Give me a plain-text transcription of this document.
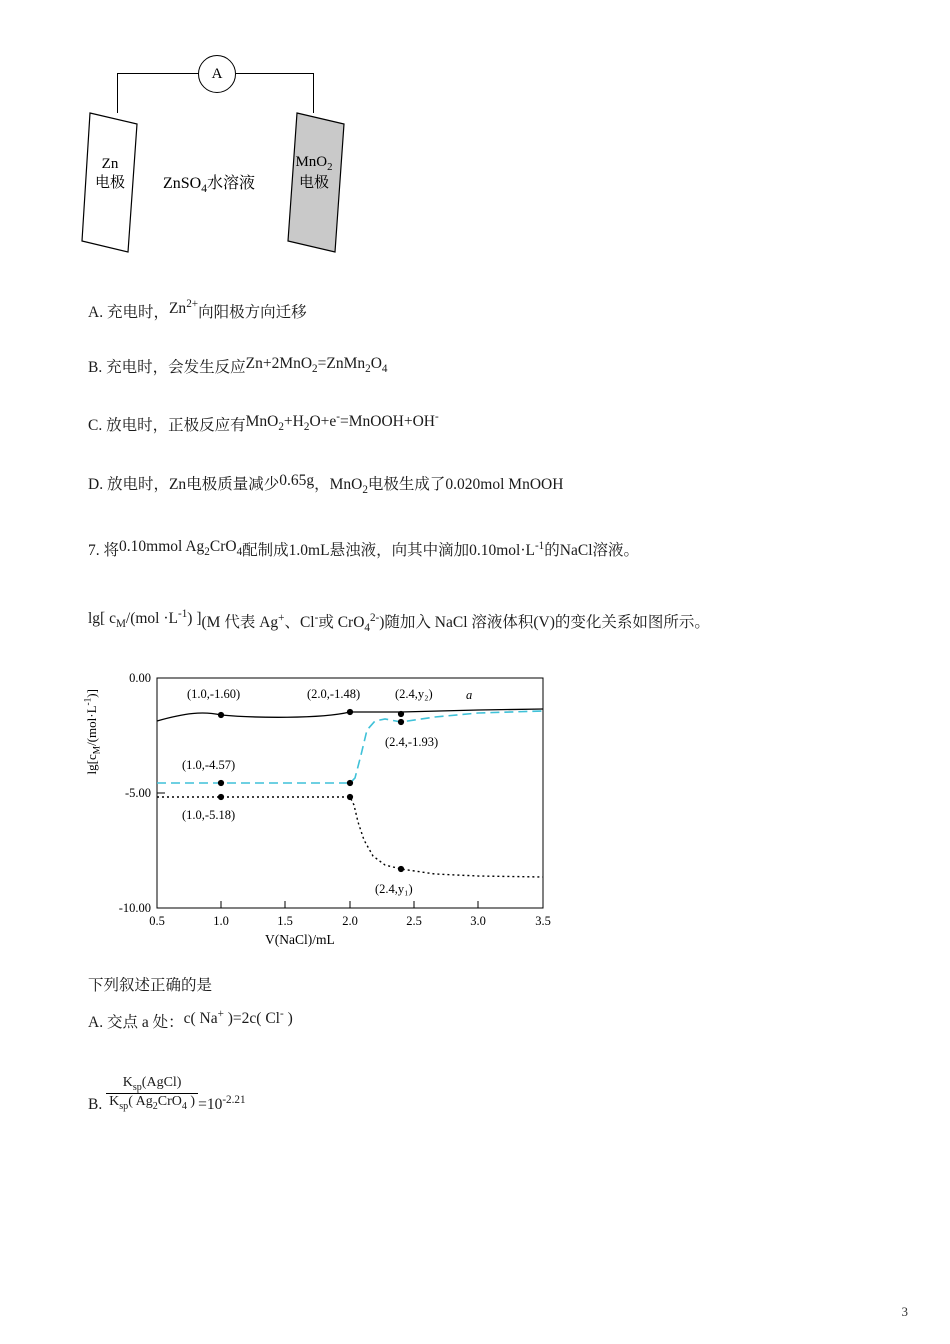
A
Zn
电极
MnO$_2$
电极
ZnSO$_4$水溶液
A. 充电时，$Zn^{2+}$向阳极方向迁移
B. 充电时，会发生反应$Zn+2MnO_2=ZnMn_2O_4$
C. 放电时，正极反应有$MnO_2+H_2O+e^-=MnOOH+OH^-$
D. 放电时，Zn电极质量减少0.65g，MnO$_2$电极生成了0.020mol MnOOH
7. 将0.10mmol $Ag_2CrO_4$配制成1.0mL悬浊液，向其中滴加$0.10mol\cdot L^{-1}$的NaCl溶液。
lg[ $c_M/(mol \cdot L^{-1})$ ](M 代表 Ag+、Cl-或 CrO$_4^{2-}$)随加入 NaCl 溶液体积(V)的变化关系如图所示。
$\lg[c_M/(mol\cdot L^{-1})]$
0.00
-5.00
-10.00
0.5	1.0	1.5	2.0	2.5	3.0	3.5
(1.0,-1.60)	(2.0,-1.48)	(2.4,y₂)	a
(2.4,-1.93)
(1.0,-4.57)
(1.0,-5.18)
(2.4,y₁)
V(NaCl)/mL
下列叙述正确的是
A. 交点 a 处：c( Na+ )=2c( Cl- )
B. $\frac{K_{sp}(AgCl)}{K_{sp}( Ag_2CrO_4 )} =10^{-2.21}$
3
